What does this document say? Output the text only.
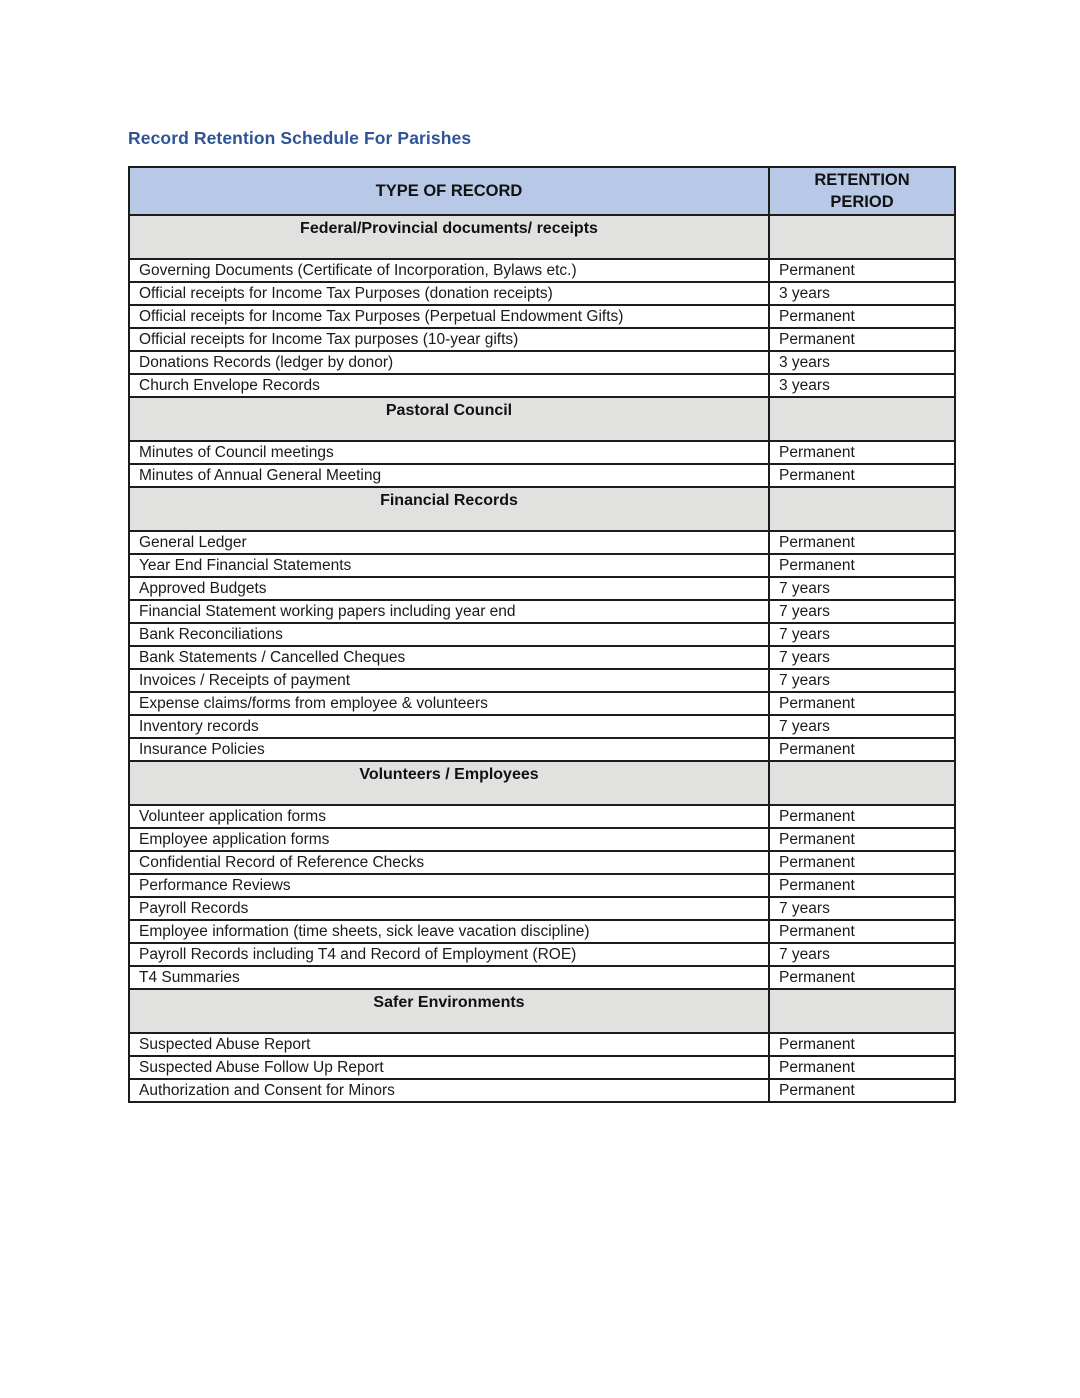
Record Retention Schedule For Parishes
TYPE OF RECORD	RETENTION PERIOD
Federal/Provincial documents/ receipts	
Governing Documents (Certificate of Incorporation, Bylaws etc.)	Permanent
Official receipts for Income Tax Purposes (donation receipts)	3 years
Official receipts for Income Tax Purposes (Perpetual Endowment Gifts)	Permanent
Official receipts for Income Tax purposes (10-year gifts)	Permanent
Donations Records (ledger by donor)	3 years
Church Envelope Records	3 years
Pastoral Council	
Minutes of Council meetings	Permanent
Minutes of Annual General Meeting	Permanent
Financial Records	
General Ledger	Permanent
Year End Financial Statements	Permanent
Approved Budgets	7 years
Financial Statement working papers including year end	7 years
Bank Reconciliations	7 years
Bank Statements / Cancelled Cheques	7 years
Invoices / Receipts of payment	7 years
Expense claims/forms from employee & volunteers	Permanent
Inventory records	7 years
Insurance Policies	Permanent
Volunteers / Employees	
Volunteer application forms	Permanent
Employee application forms	Permanent
Confidential Record of Reference Checks	Permanent
Performance Reviews	Permanent
Payroll Records	7 years
Employee information (time sheets, sick leave vacation discipline)	Permanent
Payroll Records including T4 and Record of Employment (ROE)	7 years
T4 Summaries	Permanent
Safer Environments	
Suspected Abuse Report	Permanent
Suspected Abuse Follow Up Report	Permanent
Authorization and Consent for Minors	Permanent
